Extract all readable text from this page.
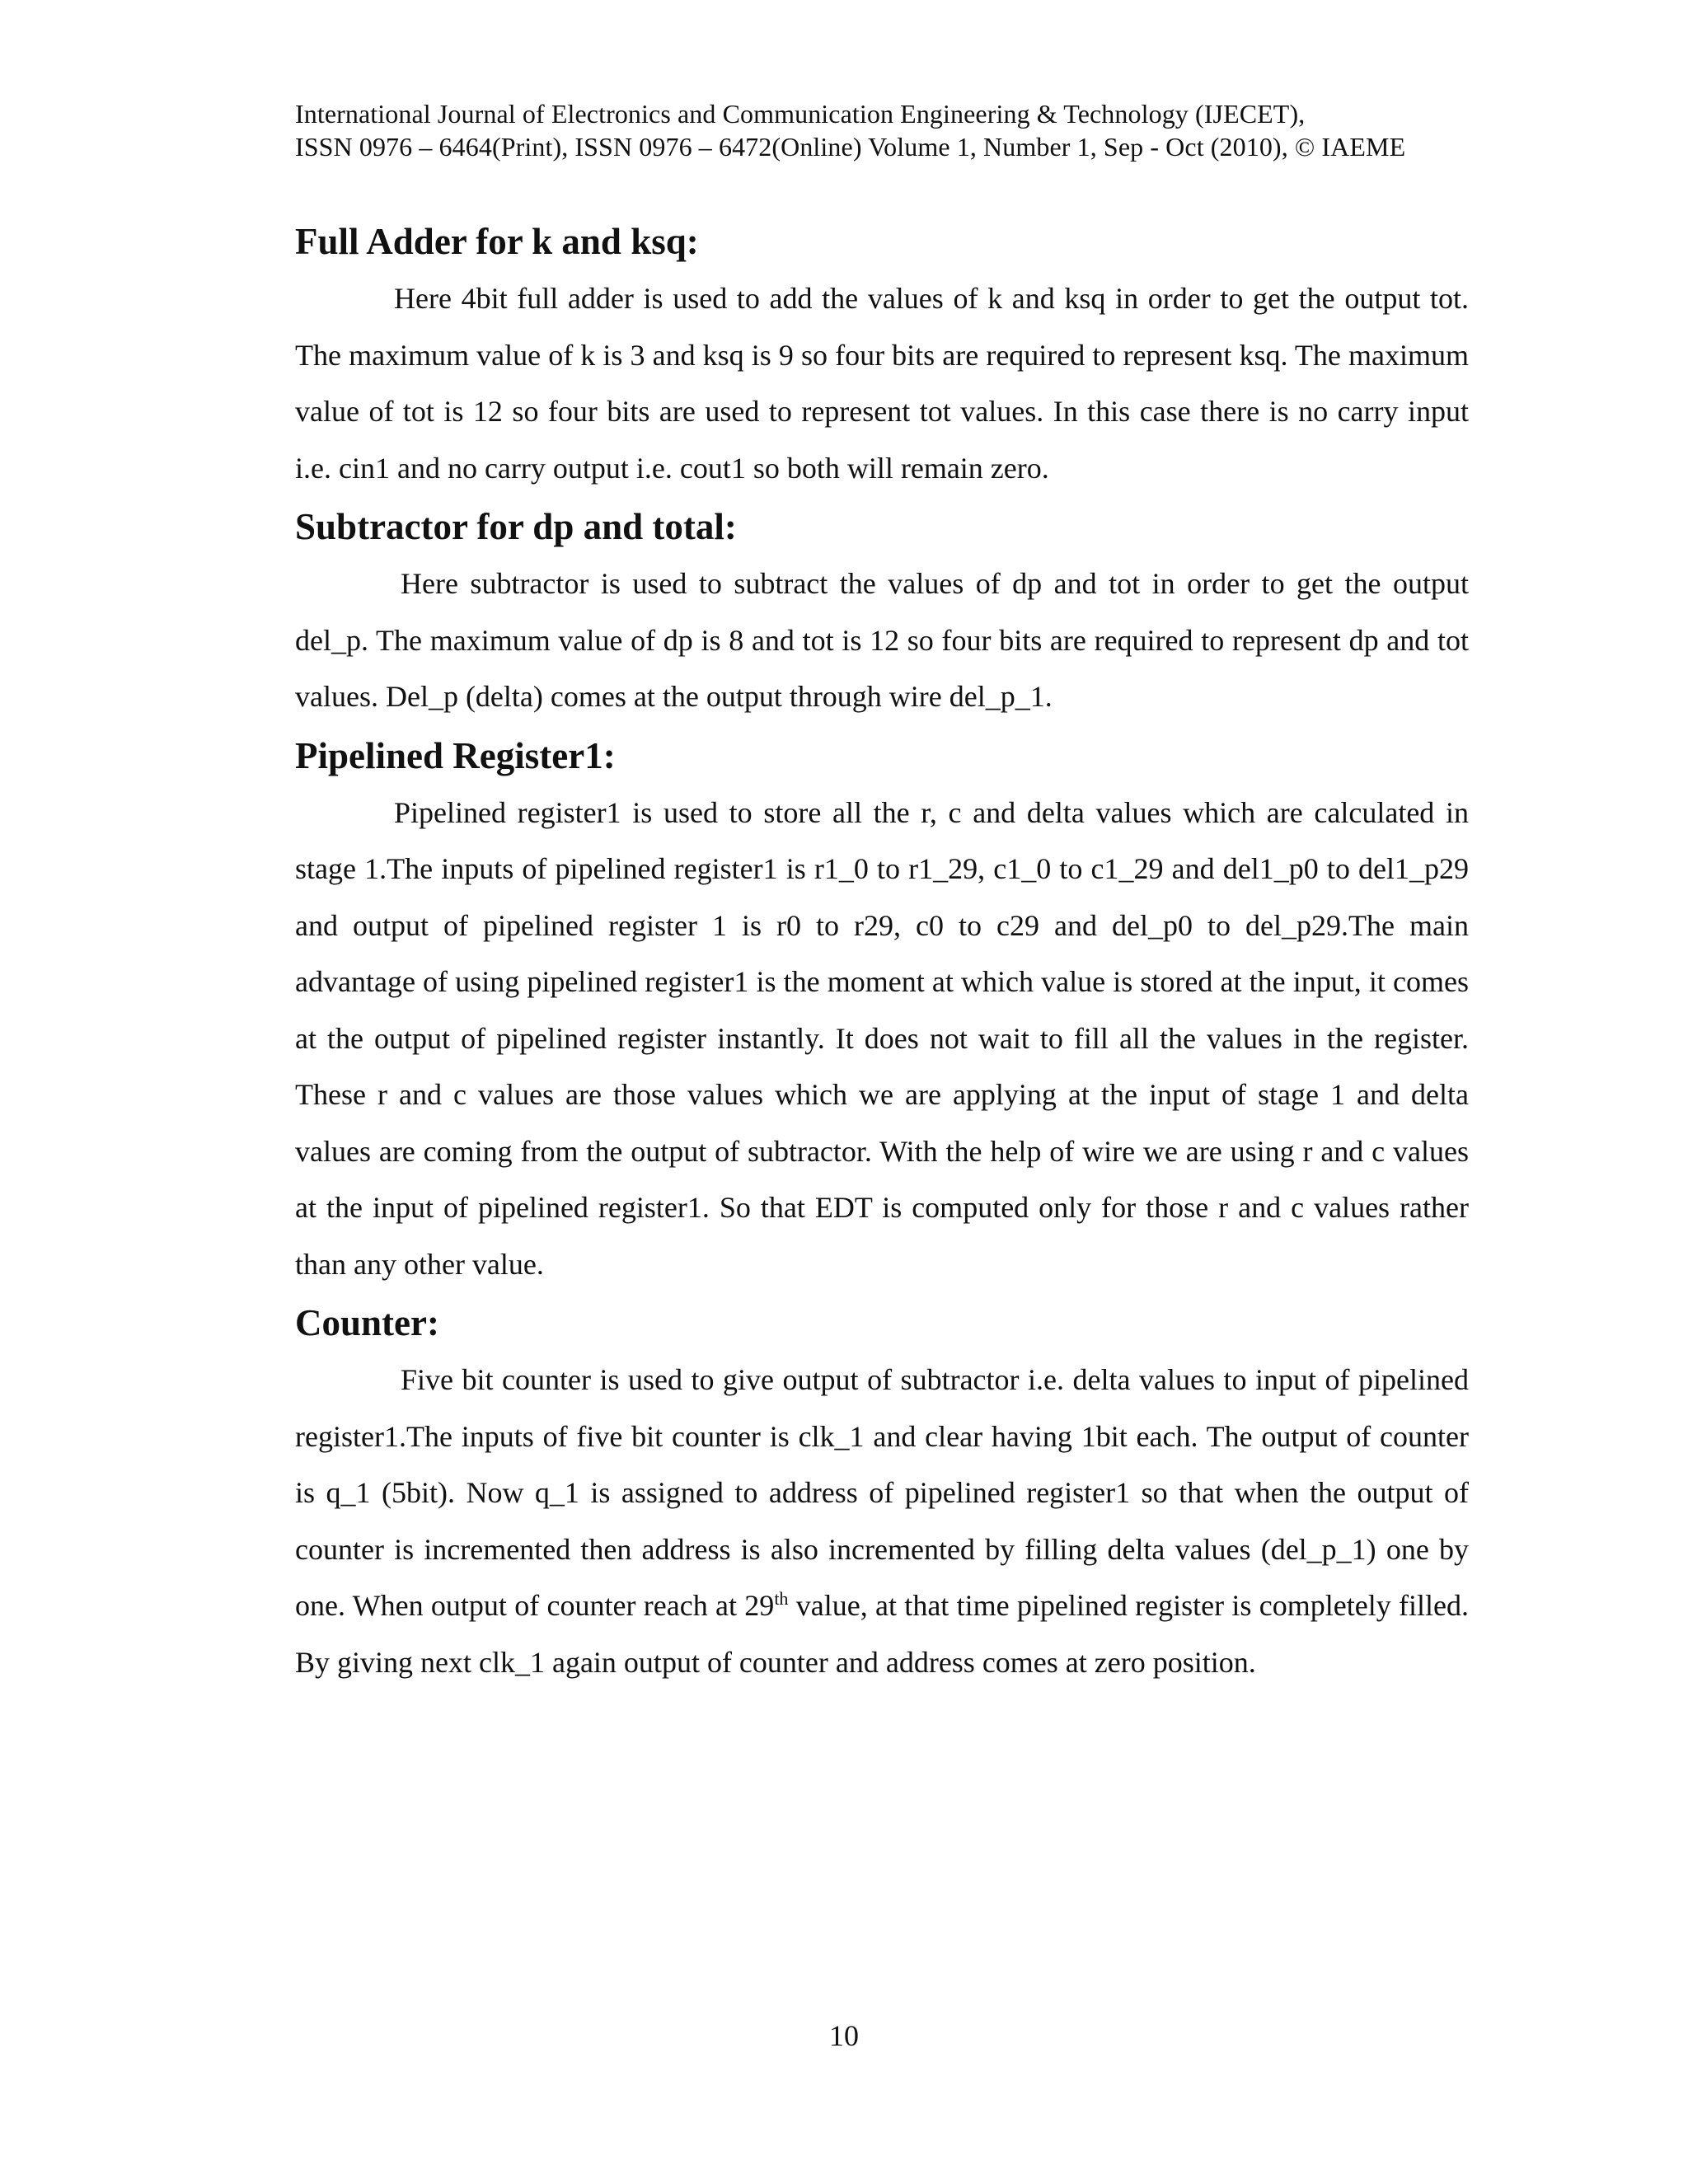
International Journal of Electronics and Communication Engineering & Technology (IJECET),
ISSN 0976 – 6464(Print), ISSN 0976 – 6472(Online) Volume 1, Number 1, Sep - Oct (2010), © IAEME
Full Adder for k and ksq:

Here 4bit full adder is used to add the values of k and ksq in order to get the output tot. The maximum value of k is 3 and ksq is 9 so four bits are required to represent ksq. The maximum value of tot is 12 so four bits are used to represent tot values. In this case there is no carry input i.e. cin1 and no carry output i.e. cout1 so both will remain zero.

Subtractor for dp and total:

Here subtractor is used to subtract the values of dp and tot in order to get the output del_p. The maximum value of dp is 8 and tot is 12 so four bits are required to represent dp and tot values. Del_p (delta) comes at the output through wire del_p_1.

Pipelined Register1:

Pipelined register1 is used to store all the r, c and delta values which are calculated in stage 1.The inputs of pipelined register1 is r1_0 to r1_29, c1_0 to c1_29 and del1_p0 to del1_p29 and output of pipelined register 1 is r0 to r29, c0 to c29 and del_p0 to del_p29.The main advantage of using pipelined register1 is the moment at which value is stored at the input, it comes at the output of pipelined register instantly. It does not wait to fill all the values in the register. These r and c values are those values which we are applying at the input of stage 1 and delta values are coming from the output of subtractor. With the help of wire we are using r and c values at the input of pipelined register1. So that EDT is computed only for those r and c values rather than any other value.

Counter:

Five bit counter is used to give output of subtractor i.e. delta values to input of pipelined register1.The inputs of five bit counter is clk_1 and clear having 1bit each. The output of counter is q_1 (5bit). Now q_1 is assigned to address of pipelined register1 so that when the output of counter is incremented then address is also incremented by filling delta values (del_p_1) one by one. When output of counter reach at 29th value, at that time pipelined register is completely filled. By giving next clk_1 again output of counter and address comes at zero position.

10
